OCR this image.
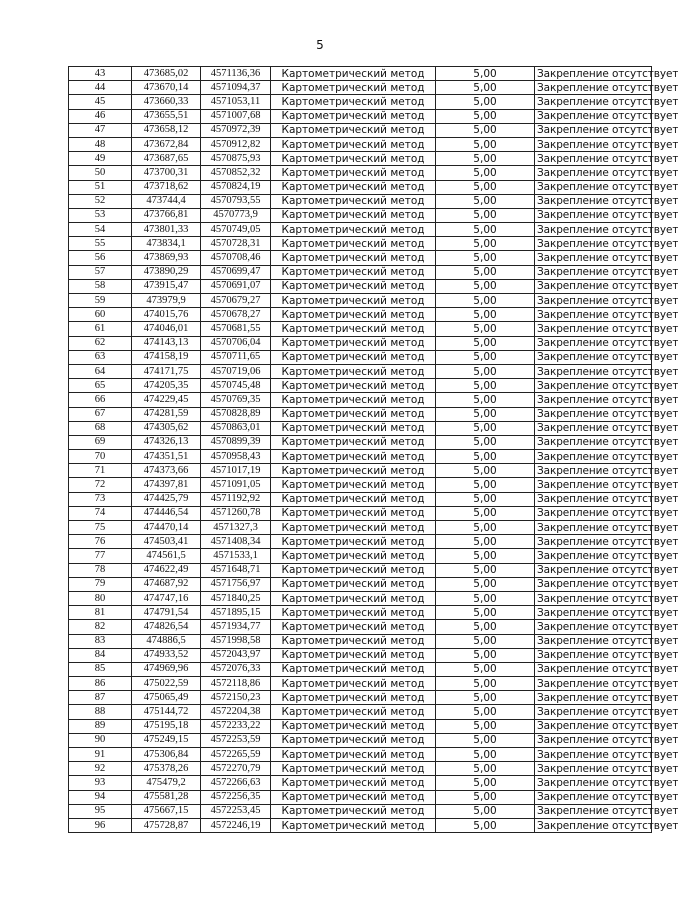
5
43	473685,02	4571136,36	Картометрический метод	5,00	Закрепление отсутствует
44	473670,14	4571094,37	Картометрический метод	5,00	Закрепление отсутствует
45	473660,33	4571053,11	Картометрический метод	5,00	Закрепление отсутствует
46	473655,51	4571007,68	Картометрический метод	5,00	Закрепление отсутствует
47	473658,12	4570972,39	Картометрический метод	5,00	Закрепление отсутствует
48	473672,84	4570912,82	Картометрический метод	5,00	Закрепление отсутствует
49	473687,65	4570875,93	Картометрический метод	5,00	Закрепление отсутствует
50	473700,31	4570852,32	Картометрический метод	5,00	Закрепление отсутствует
51	473718,62	4570824,19	Картометрический метод	5,00	Закрепление отсутствует
52	473744,4	4570793,55	Картометрический метод	5,00	Закрепление отсутствует
53	473766,81	4570773,9	Картометрический метод	5,00	Закрепление отсутствует
54	473801,33	4570749,05	Картометрический метод	5,00	Закрепление отсутствует
55	473834,1	4570728,31	Картометрический метод	5,00	Закрепление отсутствует
56	473869,93	4570708,46	Картометрический метод	5,00	Закрепление отсутствует
57	473890,29	4570699,47	Картометрический метод	5,00	Закрепление отсутствует
58	473915,47	4570691,07	Картометрический метод	5,00	Закрепление отсутствует
59	473979,9	4570679,27	Картометрический метод	5,00	Закрепление отсутствует
60	474015,76	4570678,27	Картометрический метод	5,00	Закрепление отсутствует
61	474046,01	4570681,55	Картометрический метод	5,00	Закрепление отсутствует
62	474143,13	4570706,04	Картометрический метод	5,00	Закрепление отсутствует
63	474158,19	4570711,65	Картометрический метод	5,00	Закрепление отсутствует
64	474171,75	4570719,06	Картометрический метод	5,00	Закрепление отсутствует
65	474205,35	4570745,48	Картометрический метод	5,00	Закрепление отсутствует
66	474229,45	4570769,35	Картометрический метод	5,00	Закрепление отсутствует
67	474281,59	4570828,89	Картометрический метод	5,00	Закрепление отсутствует
68	474305,62	4570863,01	Картометрический метод	5,00	Закрепление отсутствует
69	474326,13	4570899,39	Картометрический метод	5,00	Закрепление отсутствует
70	474351,51	4570958,43	Картометрический метод	5,00	Закрепление отсутствует
71	474373,66	4571017,19	Картометрический метод	5,00	Закрепление отсутствует
72	474397,81	4571091,05	Картометрический метод	5,00	Закрепление отсутствует
73	474425,79	4571192,92	Картометрический метод	5,00	Закрепление отсутствует
74	474446,54	4571260,78	Картометрический метод	5,00	Закрепление отсутствует
75	474470,14	4571327,3	Картометрический метод	5,00	Закрепление отсутствует
76	474503,41	4571408,34	Картометрический метод	5,00	Закрепление отсутствует
77	474561,5	4571533,1	Картометрический метод	5,00	Закрепление отсутствует
78	474622,49	4571648,71	Картометрический метод	5,00	Закрепление отсутствует
79	474687,92	4571756,97	Картометрический метод	5,00	Закрепление отсутствует
80	474747,16	4571840,25	Картометрический метод	5,00	Закрепление отсутствует
81	474791,54	4571895,15	Картометрический метод	5,00	Закрепление отсутствует
82	474826,54	4571934,77	Картометрический метод	5,00	Закрепление отсутствует
83	474886,5	4571998,58	Картометрический метод	5,00	Закрепление отсутствует
84	474933,52	4572043,97	Картометрический метод	5,00	Закрепление отсутствует
85	474969,96	4572076,33	Картометрический метод	5,00	Закрепление отсутствует
86	475022,59	4572118,86	Картометрический метод	5,00	Закрепление отсутствует
87	475065,49	4572150,23	Картометрический метод	5,00	Закрепление отсутствует
88	475144,72	4572204,38	Картометрический метод	5,00	Закрепление отсутствует
89	475195,18	4572233,22	Картометрический метод	5,00	Закрепление отсутствует
90	475249,15	4572253,59	Картометрический метод	5,00	Закрепление отсутствует
91	475306,84	4572265,59	Картометрический метод	5,00	Закрепление отсутствует
92	475378,26	4572270,79	Картометрический метод	5,00	Закрепление отсутствует
93	475479,2	4572266,63	Картометрический метод	5,00	Закрепление отсутствует
94	475581,28	4572256,35	Картометрический метод	5,00	Закрепление отсутствует
95	475667,15	4572253,45	Картометрический метод	5,00	Закрепление отсутствует
96	475728,87	4572246,19	Картометрический метод	5,00	Закрепление отсутствует
